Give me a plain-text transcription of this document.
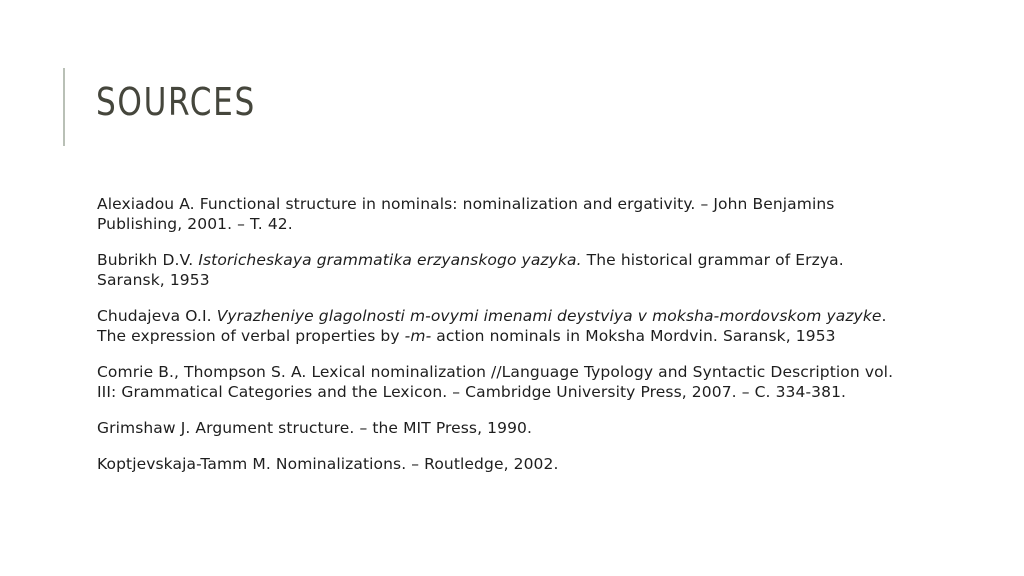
SOURCES
Alexiadou A. Functional structure in nominals: nominalization and ergativity. – John Benjamins Publishing, 2001. – T. 42.
Bubrikh D.V. Istoricheskaya grammatika erzyanskogo yazyka. The historical grammar of Erzya. Saransk, 1953
Chudajeva O.I. Vyrazheniye glagolnosti m-ovymi imenami deystviya v moksha-mordovskom yazyke. The expression of verbal properties by -m- action nominals in Moksha Mordvin. Saransk, 1953
Comrie B., Thompson S. A. Lexical nominalization //Language Typology and Syntactic Description vol. III: Grammatical Categories and the Lexicon. – Cambridge University Press, 2007. – С. 334-381.
Grimshaw J. Argument structure. – the MIT Press, 1990.
Koptjevskaja-Tamm M. Nominalizations. – Routledge, 2002.
